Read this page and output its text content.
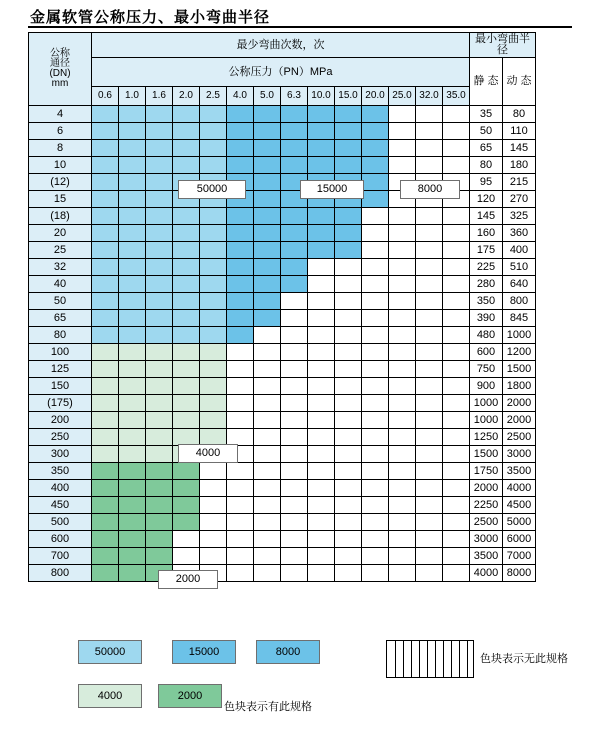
金属软管公称压力、最小弯曲半径
公称
通径
(DN)
mm	最少弯曲次数，次														最小弯曲半径	
	公称压力（PN）MPa														静 态	动 态
	0.6	1.0	1.6	2.0	2.5	4.0	5.0	6.3	10.0	15.0	20.0	25.0	32.0	35.0		
4															35	80
6															50	110
8															65	145
10															80	180
(12)															95	215
15															120	270
(18)															145	325
20															160	360
25															175	400
32															225	510
40															280	640
50															350	800
65															390	845
80															480	1000
100															600	1200
125															750	1500
150															900	1800
(175)															1000	2000
200															1000	2000
250															1250	2500
300															1500	3000
350															1750	3500
400															2000	4000
450															2250	4500
500															2500	5000
600															3000	6000
700															3500	7000
800															4000	8000
50000	15000	8000
4000
2000
色块表示无此规格
色块表示有此规格
50000	15000	8000
4000	2000
